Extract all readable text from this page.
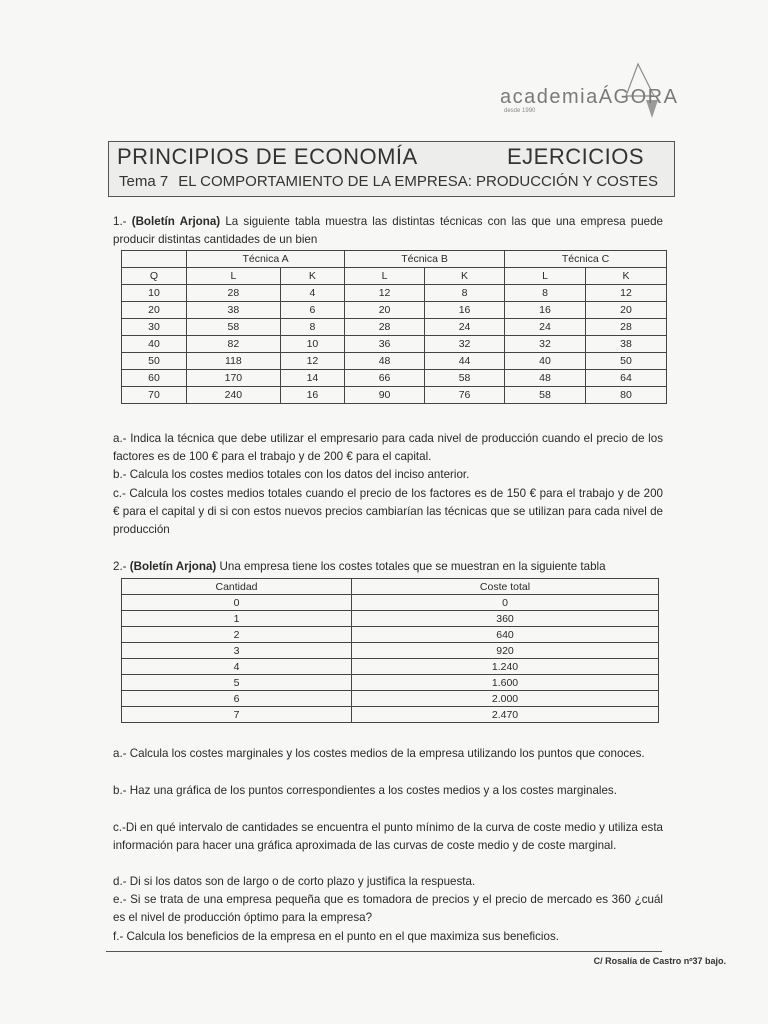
academiaÁGORA
desde 1990
PRINCIPIOS DE ECONOMÍA	EJERCICIOS
Tema 7 EL COMPORTAMIENTO DE LA EMPRESA: PRODUCCIÓN Y COSTES
1.- (Boletín Arjona) La siguiente tabla muestra las distintas técnicas con las que una empresa puede producir distintas cantidades de un bien
	Técnica A		Técnica B		Técnica C	
Q	L	K	L	K	L	K
10	28	4	12	8	8	12
20	38	6	20	16	16	20
30	58	8	28	24	24	28
40	82	10	36	32	32	38
50	118	12	48	44	40	50
60	170	14	66	58	48	64
70	240	16	90	76	58	80
a.- Indica la técnica que debe utilizar el empresario para cada nivel de producción cuando el precio de los factores es de 100 € para el trabajo y de 200 € para el capital.
b.- Calcula los costes medios totales con los datos del inciso anterior.
c.- Calcula los costes medios totales cuando el precio de los factores es de 150 € para el trabajo y de 200 € para el capital y di si con estos nuevos precios cambiarían las técnicas que se utilizan para cada nivel de producción
2.- (Boletín Arjona) Una empresa tiene los costes totales que se muestran en la siguiente tabla
Cantidad	Coste total
0	0
1	360
2	640
3	920
4	1.240
5	1.600
6	2.000
7	2.470
a.- Calcula los costes marginales y los costes medios de la empresa utilizando los puntos que conoces.
b.- Haz una gráfica de los puntos correspondientes a los costes medios y a los costes marginales.
c.-Di en qué intervalo de cantidades se encuentra el punto mínimo de la curva de coste medio y utiliza esta información para hacer una gráfica aproximada de las curvas de coste medio y de coste marginal.
d.- Di si los datos son de largo o de corto plazo y justifica la respuesta.
e.- Si se trata de una empresa pequeña que es tomadora de precios y el precio de mercado es 360 ¿cuál es el nivel de producción óptimo para la empresa?
f.- Calcula los beneficios de la empresa en el punto en el que maximiza sus beneficios.
C/ Rosalía de Castro nº37 bajo.
